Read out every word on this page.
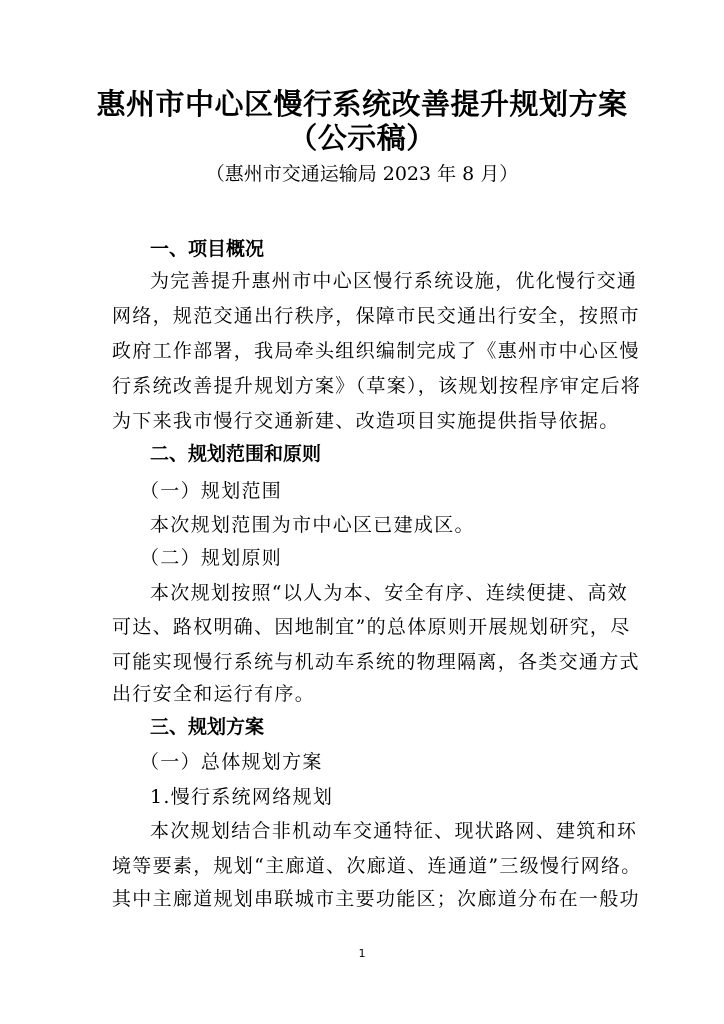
惠州市中心区慢行系统改善提升规划方案
（公示稿）
（惠州市交通运输局 2023 年 8 月）
一、项目概况
为完善提升惠州市中心区慢行系统设施，优化慢行交通
网络，规范交通出行秩序，保障市民交通出行安全，按照市
政府工作部署，我局牵头组织编制完成了《惠州市中心区慢
行系统改善提升规划方案》（草案），该规划按程序审定后将
为下来我市慢行交通新建、改造项目实施提供指导依据。
二、规划范围和原则
（一）规划范围
本次规划范围为市中心区已建成区。
（二）规划原则
本次规划按照“以人为本、安全有序、连续便捷、高效
可达、路权明确、因地制宜”的总体原则开展规划研究，尽
可能实现慢行系统与机动车系统的物理隔离，各类交通方式
出行安全和运行有序。
三、规划方案
（一）总体规划方案
1.慢行系统网络规划
本次规划结合非机动车交通特征、现状路网、建筑和环
境等要素，规划“主廊道、次廊道、连通道”三级慢行网络。
其中主廊道规划串联城市主要功能区；次廊道分布在一般功
1
